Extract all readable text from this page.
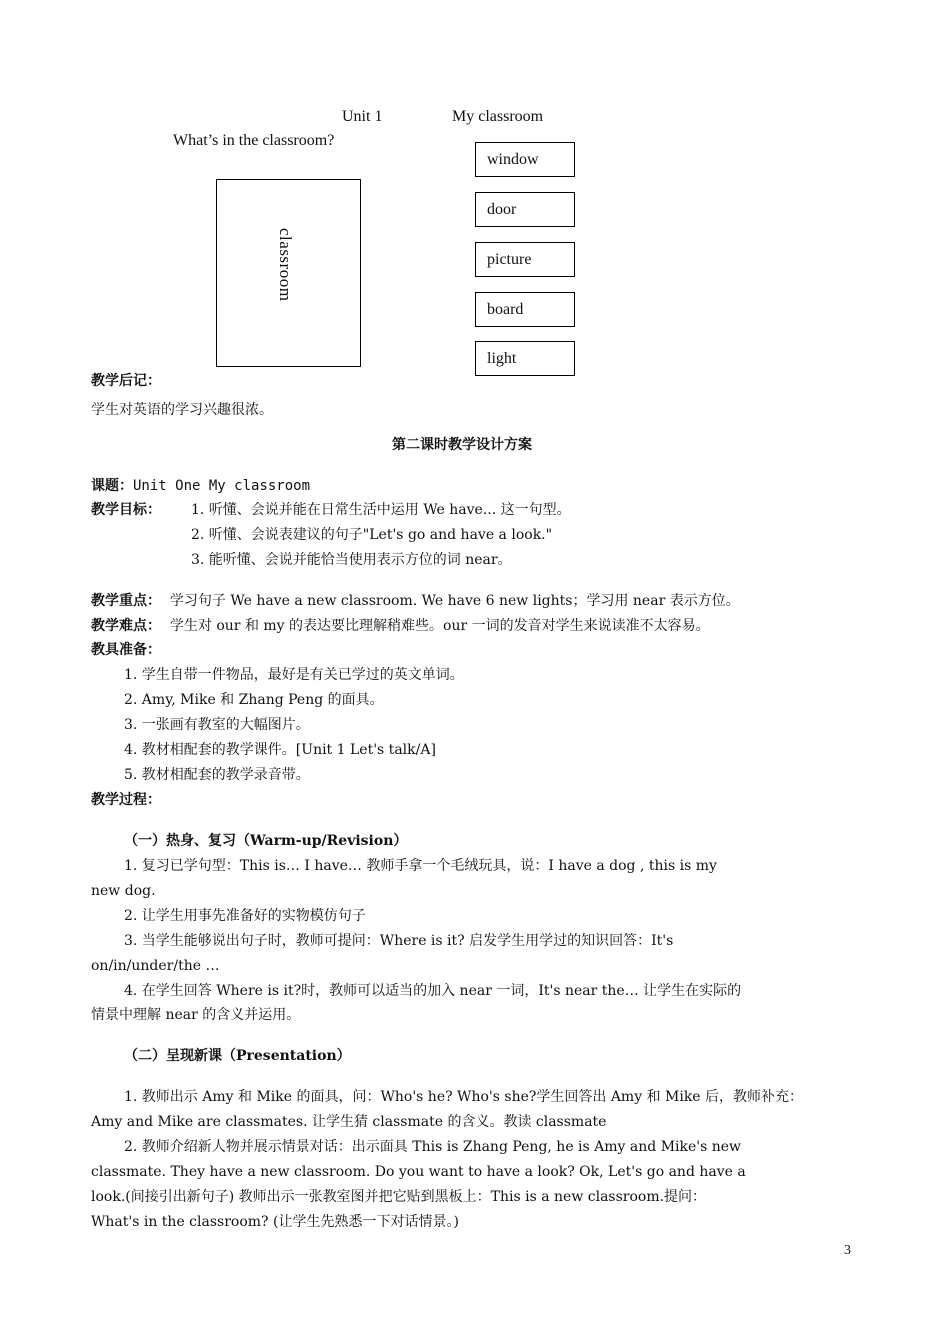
Unit 1	My classroom
What’s in the classroom?
classroom
window
door
picture
board
light
教学后记：
学生对英语的学习兴趣很浓。
第二课时教学设计方案
课题：Unit One My classroom
教学目标： 1. 听懂、会说并能在日常生活中运用 We have... 这一句型。
2. 听懂、会说表建议的句子"Let's go and have a look."
3. 能听懂、会说并能恰当使用表示方位的词 near。
教学重点： 学习句子 We have a new classroom. We have 6 new lights；学习用 near 表示方位。
教学难点： 学生对 our 和 my 的表达要比理解稍难些。our 一词的发音对学生来说读准不太容易。
教具准备：
1. 学生自带一件物品，最好是有关已学过的英文单词。
2. Amy, Mike 和 Zhang Peng 的面具。
3. 一张画有教室的大幅图片。
4. 教材相配套的教学课件。[Unit 1 Let's talk/A]
5. 教材相配套的教学录音带。
教学过程：
（一）热身、复习（Warm-up/Revision）
1. 复习已学句型：This is… I have… 教师手拿一个毛绒玩具，说：I have a dog , this is my
new dog.
2. 让学生用事先准备好的实物模仿句子
3. 当学生能够说出句子时，教师可提问：Where is it? 启发学生用学过的知识回答：It's
on/in/under/the …
4. 在学生回答 Where is it?时，教师可以适当的加入 near 一词，It's near the… 让学生在实际的
情景中理解 near 的含义并运用。
（二）呈现新课（Presentation）
1. 教师出示 Amy 和 Mike 的面具，问：Who's he? Who's she?学生回答出 Amy 和 Mike 后，教师补充：
Amy and Mike are classmates. 让学生猜 classmate 的含义。教读 classmate
2. 教师介绍新人物并展示情景对话：出示面具 This is Zhang Peng, he is Amy and Mike's new
classmate. They have a new classroom. Do you want to have a look? Ok, Let's go and have a
look.(间接引出新句子) 教师出示一张教室图并把它贴到黑板上：This is a new classroom.提问：
What's in the classroom? (让学生先熟悉一下对话情景。)
3
